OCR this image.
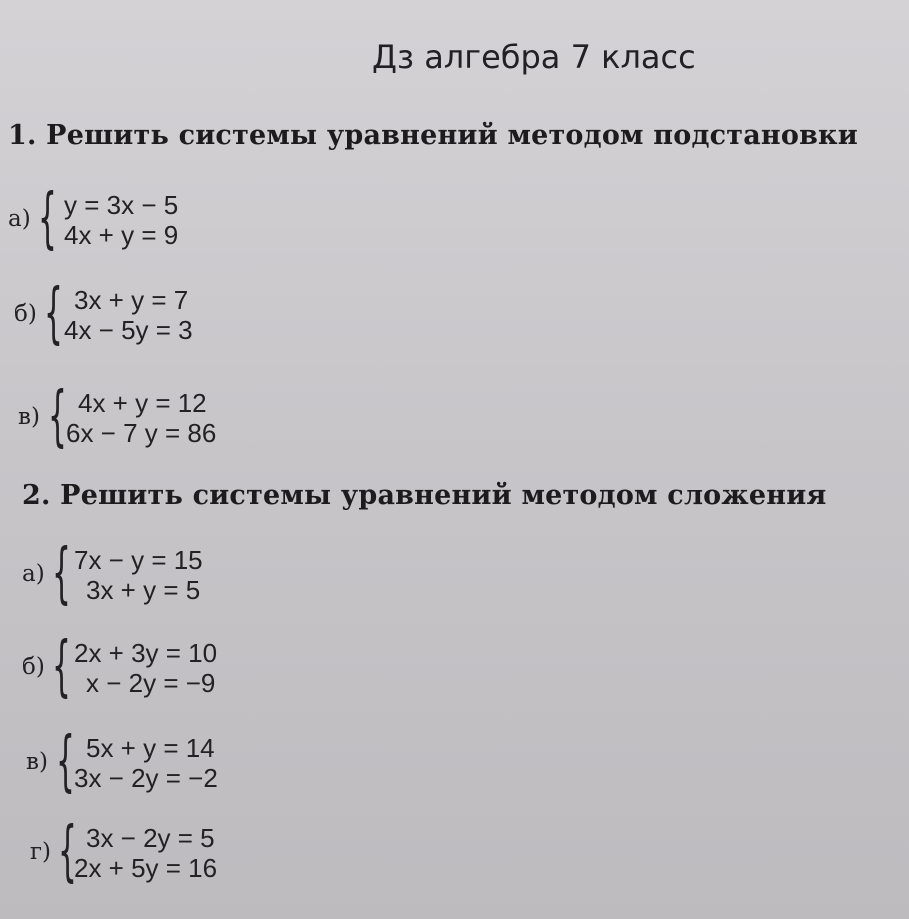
Дз алгебра 7 класс
1. Решить системы уравнений методом подстановки
а) { y = 3x − 5
4x + y = 9
б) { 3x + y = 7
4x − 5y = 3
в) { 4x + y = 12
6x − 7 y = 86
2. Решить системы уравнений методом сложения
а) { 7x − y = 15
3x + y = 5
б) { 2x + 3y = 10
x − 2y = −9
в) { 5x + y = 14
3x − 2y = −2
г) { 3x − 2y = 5
2x + 5y = 16
